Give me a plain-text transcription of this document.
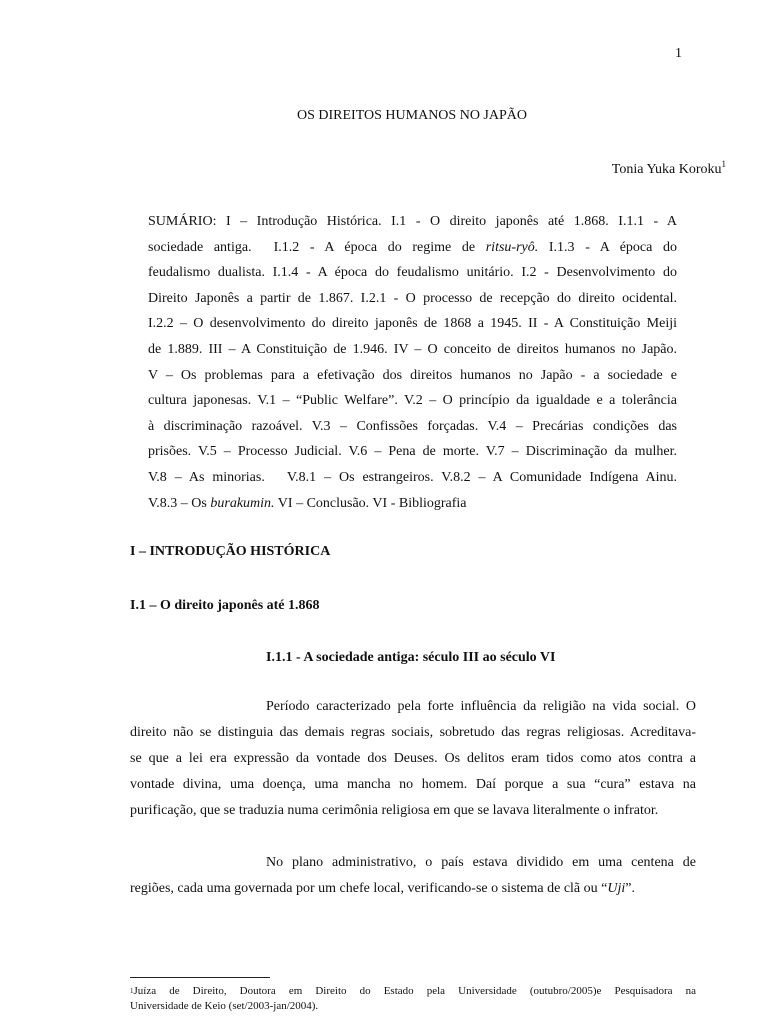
1
OS DIREITOS HUMANOS NO JAPÃO
Tonia Yuka Koroku$^1$
SUMÁRIO: I – Introdução Histórica. I.1 - O direito japonês até 1.868. I.1.1 - A
sociedade antiga. I.1.2 - A época do regime de ritsu-ryô. I.1.3 - A época do
feudalismo dualista. I.1.4 - A época do feudalismo unitário. I.2 - Desenvolvimento do
Direito Japonês a partir de 1.867. I.2.1 - O processo de recepção do direito ocidental.
I.2.2 – O desenvolvimento do direito japonês de 1868 a 1945. II - A Constituição Meiji
de 1.889. III – A Constituição de 1.946. IV – O conceito de direitos humanos no Japão.
V – Os problemas para a efetivação dos direitos humanos no Japão - a sociedade e
cultura japonesas. V.1 – “Public Welfare”. V.2 – O princípio da igualdade e a tolerância
à discriminação razoável. V.3 – Confissões forçadas. V.4 – Precárias condições das
prisões. V.5 – Processo Judicial. V.6 – Pena de morte. V.7 – Discriminação da mulher.
V.8 – As minorias. V.8.1 – Os estrangeiros. V.8.2 – A Comunidade Indígena Ainu.
V.8.3 – Os burakumin. VI – Conclusão. VI - Bibliografia
I – INTRODUÇÃO HISTÓRICA
I.1 – O direito japonês até 1.868
I.1.1 - A sociedade antiga: século III ao século VI
Período caracterizado pela forte influência da religião na vida social. O
direito não se distinguia das demais regras sociais, sobretudo das regras religiosas. Acreditava-
se que a lei era expressão da vontade dos Deuses. Os delitos eram tidos como atos contra a
vontade divina, uma doença, uma mancha no homem. Daí porque a sua “cura” estava na
purificação, que se traduzia numa cerimônia religiosa em que se lavava literalmente o infrator.
No plano administrativo, o país estava dividido em uma centena de
regiões, cada uma governada por um chefe local, verificando-se o sistema de clã ou “Uji”.
$^1$Juíza de Direito, Doutora em Direito do Estado pela Universidade (outubro/2005)e Pesquisadora na
Universidade de Keio (set/2003-jan/2004).
